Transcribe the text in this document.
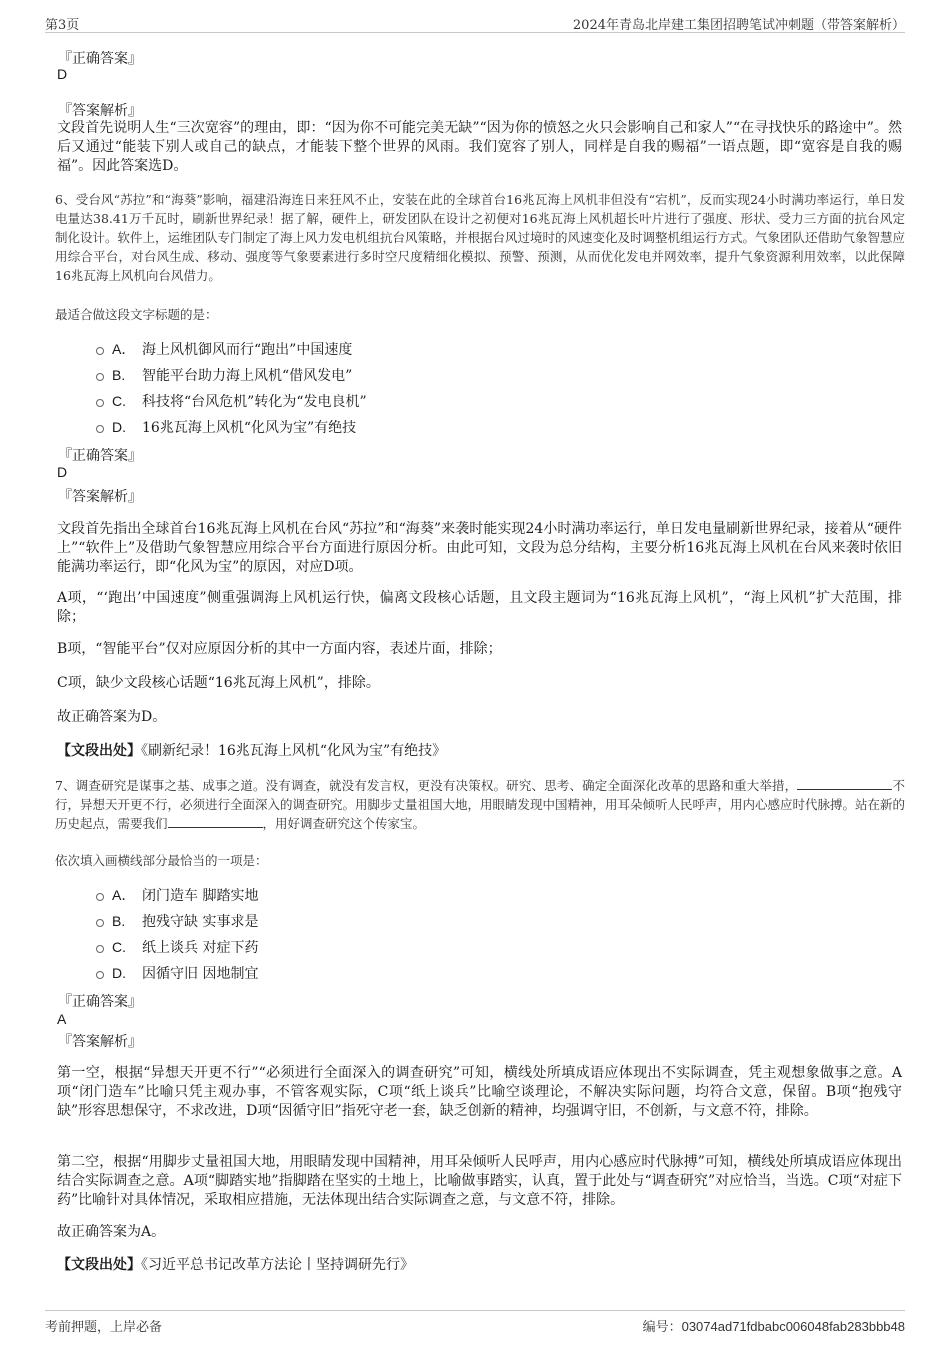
第3页	2024年青岛北岸建工集团招聘笔试冲刺题（带答案解析）
『正确答案』
D
『答案解析』
文段首先说明人生“三次宽容”的理由，即：“因为你不可能完美无缺”“因为你的愤怒之火只会影响自己和家人”“在寻找快乐的路途中”。然后又通过“能装下别人或自己的缺点，才能装下整个世界的风雨。我们宽容了别人，同样是自我的赐福”一语点题，即“宽容是自我的赐福”。因此答案选D。
6、受台风“苏拉”和“海葵”影响，福建沿海连日来狂风不止，安装在此的全球首台16兆瓦海上风机非但没有“宕机”，反而实现24小时满功率运行，单日发电量达38.41万千瓦时，刷新世界纪录！据了解，硬件上，研发团队在设计之初便对16兆瓦海上风机超长叶片进行了强度、形状、受力三方面的抗台风定制化设计。软件上，运维团队专门制定了海上风力发电机组抗台风策略，并根据台风过境时的风速变化及时调整机组运行方式。气象团队还借助气象智慧应用综合平台，对台风生成、移动、强度等气象要素进行多时空尺度精细化模拟、预警、预测，从而优化发电并网效率，提升气象资源利用效率，以此保障16兆瓦海上风机向台风借力。
最适合做这段文字标题的是：
A． 海上风机御风而行“跑出”中国速度
B.	智能平台助力海上风机“借风发电”
C.	科技将“台风危机”转化为“发电良机”
D.	16兆瓦海上风机“化风为宝”有绝技
『正确答案』
D
『答案解析』
文段首先指出全球首台16兆瓦海上风机在台风“苏拉”和“海葵”来袭时能实现24小时满功率运行，单日发电量刷新世界纪录，接着从“硬件上”“软件上”及借助气象智慧应用综合平台方面进行原因分析。由此可知，文段为总分结构，主要分析16兆瓦海上风机在台风来袭时依旧能满功率运行，即“化风为宝”的原因，对应D项。
A项，“‘跑出’中国速度”侧重强调海上风机运行快，偏离文段核心话题，且文段主题词为“16兆瓦海上风机”，“海上风机”扩大范围，排除；
B项，“智能平台”仅对应原因分析的其中一方面内容，表述片面，排除；
C项，缺少文段核心话题“16兆瓦海上风机”，排除。
故正确答案为D。
【文段出处】《刷新纪录！16兆瓦海上风机“化风为宝”有绝技》
7、调查研究是谋事之基、成事之道。没有调查，就没有发言权，更没有决策权。研究、思考、确定全面深化改革的思路和重大举措，	不行，异想天开更不行，必须进行全面深入的调查研究。用脚步丈量祖国大地，用眼睛发现中国精神，用耳朵倾听人民呼声，用内心感应时代脉搏。站在新的历史起点，需要我们	，用好调查研究这个传家宝。
依次填入画横线部分最恰当的一项是：
A． 闭门造车 脚踏实地
B.	抱残守缺 实事求是
C.	纸上谈兵 对症下药
D.	因循守旧 因地制宜
『正确答案』
A
『答案解析』
第一空，根据“异想天开更不行”“必须进行全面深入的调查研究”可知，横线处所填成语应体现出不实际调查，凭主观想象做事之意。A项“闭门造车”比喻只凭主观办事，不管客观实际，C项“纸上谈兵”比喻空谈理论，不解决实际问题，均符合文意，保留。B项“抱残守缺”形容思想保守，不求改进，D项“因循守旧”指死守老一套，缺乏创新的精神，均强调守旧，不创新，与文意不符，排除。
第二空，根据“用脚步丈量祖国大地，用眼睛发现中国精神，用耳朵倾听人民呼声，用内心感应时代脉搏”可知，横线处所填成语应体现出结合实际调查之意。A项“脚踏实地”指脚踏在坚实的土地上，比喻做事踏实，认真，置于此处与“调查研究”对应恰当，当选。C项“对症下药”比喻针对具体情况，采取相应措施，无法体现出结合实际调查之意，与文意不符，排除。
故正确答案为A。
【文段出处】《习近平总书记改革方法论丨坚持调研先行》
考前押题，上岸必备	编号：03074ad71fdbabc006048fab283bbb48
